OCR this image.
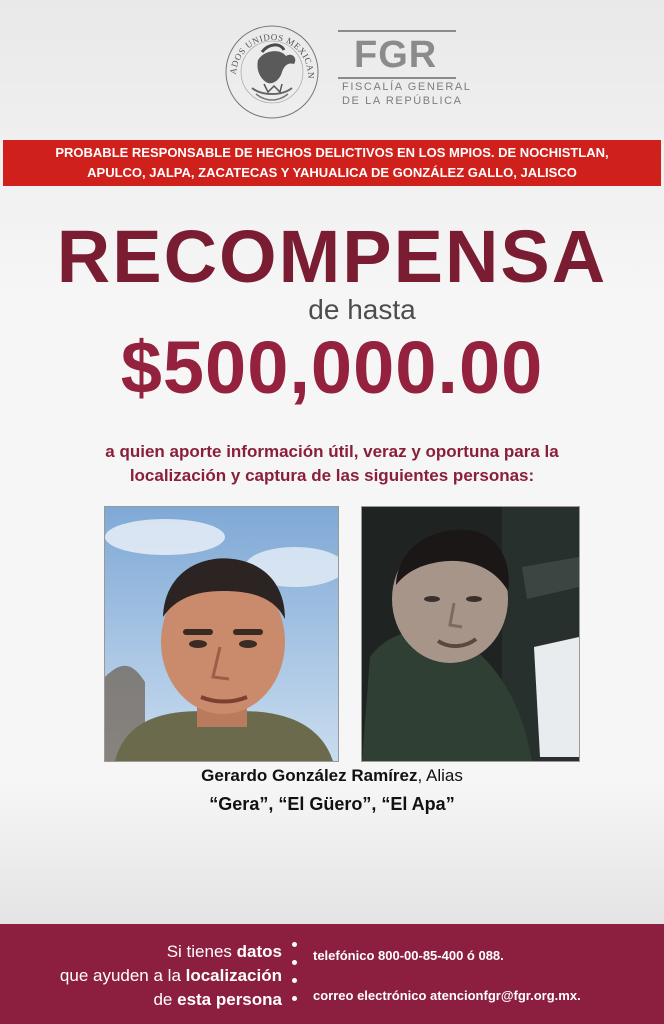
ADOS UNIDOS MEXICAN FGR
FISCALÍA GENERAL
DE LA REPÚBLICA
PROBABLE RESPONSABLE DE HECHOS DELICTIVOS EN LOS MPIOS. DE NOCHISTLAN,
APULCO, JALPA, ZACATECAS Y YAHUALICA DE GONZÁLEZ GALLO, JALISCO
RECOMPENSA
de hasta
$500,000.00
a quien aporte información útil, veraz y oportuna para la
localización y captura de las siguientes personas:
Gerardo González Ramírez, Alias
“Gera”, “El Güero”, “El Apa”
Si tienes datos
que ayuden a la localización
de esta persona
telefónico 800-00-85-400 ó 088.
correo electrónico atencionfgr@fgr.org.mx.
